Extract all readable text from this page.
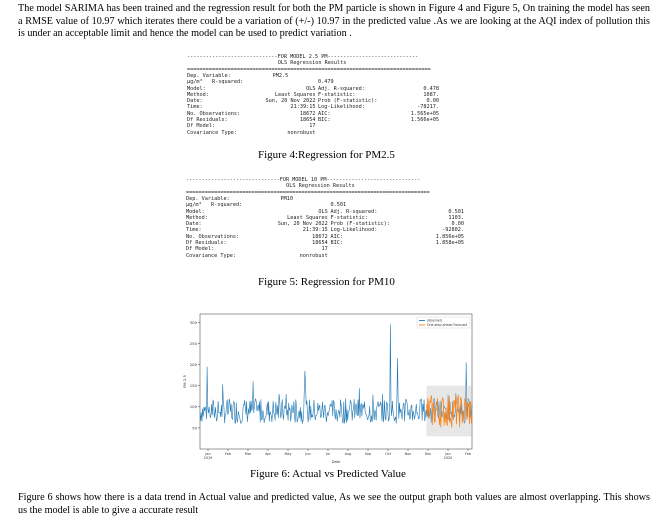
The model SARIMA has been trained and the regression result for both the PM particle is shown in Figure 4 and Figure 5, On training the model has seen a RMSE value of 10.97 which iterates there could be a variation of (+/-) 10.97 in the predicted value .As we are looking at the AQI index of pollution this is under an acceptable limit and hence the model can be used to predict variation .

-----------------------------FOR MODEL 2.5 PM-----------------------------
OLS Regression Results
==============================================================================
Dep. Variable:	PM2.5
µg/m³   R-squared:	0.479
Model:	OLS Adj. R-squared:	0.478
Method:	Least Squares F-statistic:	1087.
Date:	Sun, 20 Nov 2022 Prob (F-statistic):	0.00
Time:	21:39:15 Log-Likelihood:	-78217.
No. Observations:	18672 AIC:	1.565e+05
Df Residuals:	18654 BIC:	1.566e+05
Df Model:	17
Covariance Type:	nonrobust
Figure 4:Regression for PM2.5
------------------------------FOR MODEL 10 PM------------------------------
OLS Regression Results
==============================================================================
Dep. Variable:	PM10
µg/m³   R-squared:	0.501
Model:	OLS Adj. R-squared:	0.501
Method:	Least Squares F-statistic:	1103.
Date:	Sun, 20 Nov 2022 Prob (F-statistic):	0.00
Time:	21:39:15 Log-Likelihood:	-92802.
No. Observations:	18672 AIC:	1.856e+05
Df Residuals:	18654 BIC:	1.858e+05
Df Model:	17
Covariance Type:	nonrobust
Figure 5: Regression for PM10
50
100
150
200
250
300
PM 2.5
Jan
2019
Feb	Mar	Apr	May	Jun	Jul	Aug	Sep	Oct	Nov	Dec	Jan
2020
Feb
Date
observed
One-step ahead Forecast
Figure 6: Actual vs Predicted Value

Figure 6 shows how there is a data trend in Actual value and predicted value, As we see the output graph both values are almost overlapping. This shows us the model is able to give a accurate result
